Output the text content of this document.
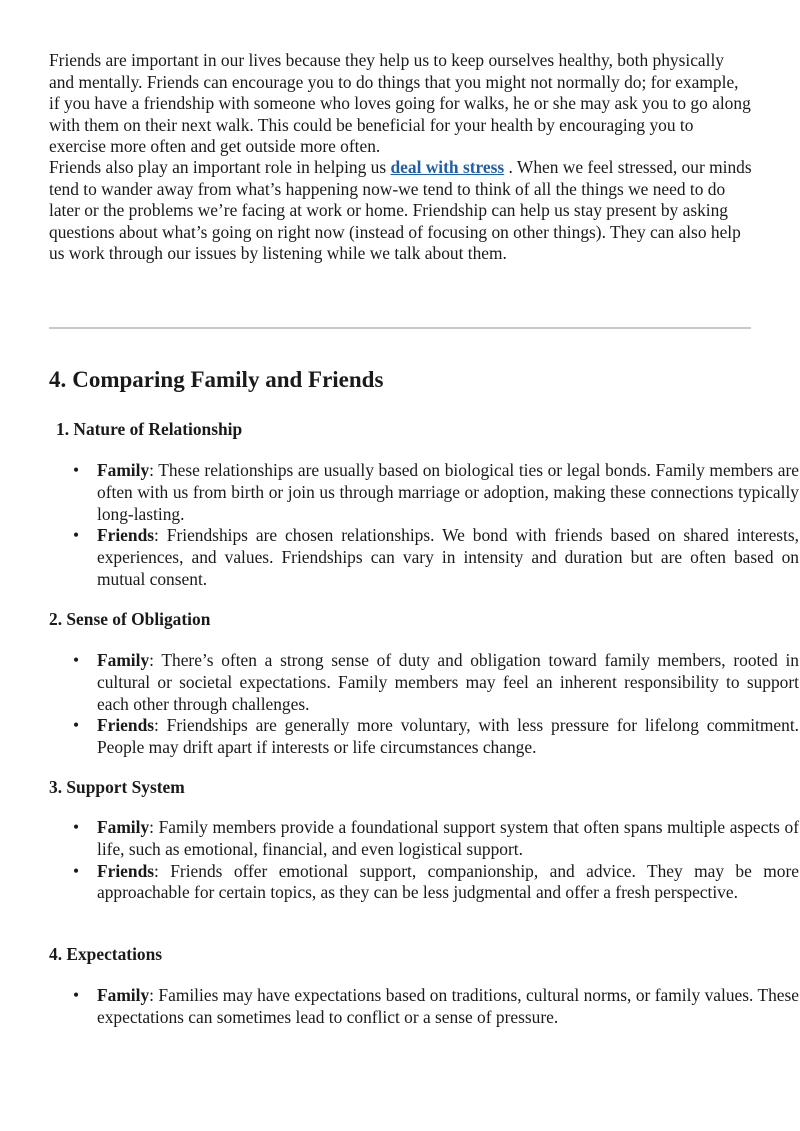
Friends are important in our lives because they help us to keep ourselves healthy, both physically and mentally. Friends can encourage you to do things that you might not normally do; for example, if you have a friendship with someone who loves going for walks, he or she may ask you to go along with them on their next walk. This could be beneficial for your health by encouraging you to exercise more often and get outside more often.

Friends also play an important role in helping us deal with stress . When we feel stressed, our minds tend to wander away from what’s happening now-we tend to think of all the things we need to do later or the problems we’re facing at work or home. Friendship can help us stay present by asking questions about what’s going on right now (instead of focusing on other things). They can also help us work through our issues by listening while we talk about them.

4. Comparing Family and Friends
1. Nature of Relationship
• Family: These relationships are usually based on biological ties or legal bonds. Family members are often with us from birth or join us through marriage or adoption, making these connections typically long-lasting.
• Friends: Friendships are chosen relationships. We bond with friends based on shared interests, experiences, and values. Friendships can vary in intensity and duration but are often based on mutual consent.
2. Sense of Obligation
• Family: There’s often a strong sense of duty and obligation toward family members, rooted in cultural or societal expectations. Family members may feel an inherent responsibility to support each other through challenges.
• Friends: Friendships are generally more voluntary, with less pressure for lifelong commitment. People may drift apart if interests or life circumstances change.
3. Support System
• Family: Family members provide a foundational support system that often spans multiple aspects of life, such as emotional, financial, and even logistical support.
• Friends: Friends offer emotional support, companionship, and advice. They may be more approachable for certain topics, as they can be less judgmental and offer a fresh perspective.
4. Expectations
• Family: Families may have expectations based on traditions, cultural norms, or family values. These expectations can sometimes lead to conflict or a sense of pressure.
